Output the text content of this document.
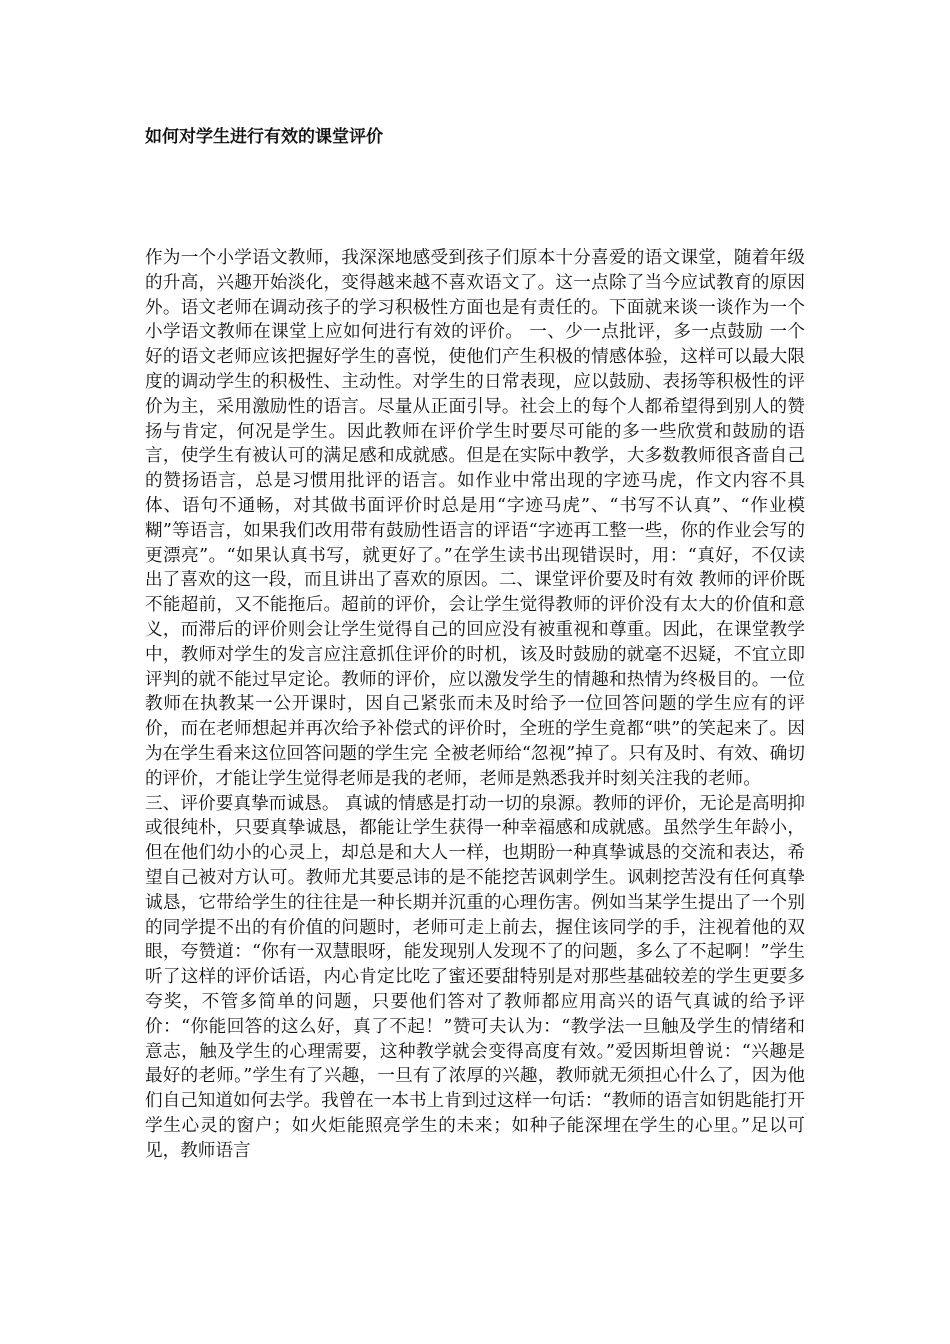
如何对学生进行有效的课堂评价

作为一个小学语文教师，我深深地感受到孩子们原本十分喜爱的语文课堂，随着年级的升高，兴趣开始淡化，变得越来越不喜欢语文了。这一点除了当今应试教育的原因外。语文老师在调动孩子的学习积极性方面也是有责任的。下面就来谈一谈作为一个小学语文教师在课堂上应如何进行有效的评价。 一、少一点批评，多一点鼓励 一个好的语文老师应该把握好学生的喜悦，使他们产生积极的情感体验，这样可以最大限度的调动学生的积极性、主动性。对学生的日常表现，应以鼓励、表扬等积极性的评价为主，采用激励性的语言。尽量从正面引导。社会上的每个人都希望得到别人的赞扬与肯定，何况是学生。因此教师在评价学生时要尽可能的多一些欣赏和鼓励的语言，使学生有被认可的满足感和成就感。但是在实际中教学，大多数教师很吝啬自己的赞扬语言，总是习惯用批评的语言。如作业中常出现的字迹马虎，作文内容不具体、语句不通畅，对其做书面评价时总是用“字迹马虎”、“书写不认真”、“作业模糊”等语言，如果我们改用带有鼓励性语言的评语“字迹再工整一些，你的作业会写的更漂亮”。“如果认真书写，就更好了。”在学生读书出现错误时，用：“真好，不仅读出了喜欢的这一段，而且讲出了喜欢的原因。二、课堂评价要及时有效 教师的评价既不能超前，又不能拖后。超前的评价，会让学生觉得教师的评价没有太大的价值和意义，而滞后的评价则会让学生觉得自己的回应没有被重视和尊重。因此，在课堂教学中，教师对学生的发言应注意抓住评价的时机，该及时鼓励的就毫不迟疑，不宜立即评判的就不能过早定论。教师的评价，应以激发学生的情趣和热情为终极目的。一位教师在执教某一公开课时，因自己紧张而未及时给予一位回答问题的学生应有的评价，而在老师想起并再次给予补偿式的评价时，全班的学生竟都“哄”的笑起来了。因为在学生看来这位回答问题的学生完 全被老师给“忽视”掉了。只有及时、有效、确切的评价，才能让学生觉得老师是我的老师，老师是熟悉我并时刻关注我的老师。

三、评价要真挚而诚恳。 真诚的情感是打动一切的泉源。教师的评价，无论是高明抑或很纯朴，只要真挚诚恳，都能让学生获得一种幸福感和成就感。虽然学生年龄小，但在他们幼小的心灵上，却总是和大人一样，也期盼一种真挚诚恳的交流和表达，希望自己被对方认可。教师尤其要忌讳的是不能挖苦讽刺学生。讽刺挖苦没有任何真挚诚恳，它带给学生的往往是一种长期并沉重的心理伤害。例如当某学生提出了一个别的同学提不出的有价值的问题时，老师可走上前去，握住该同学的手，注视着他的双眼，夸赞道：“你有一双慧眼呀，能发现别人发现不了的问题，多么了不起啊！”学生听了这样的评价话语，内心肯定比吃了蜜还要甜特别是对那些基础较差的学生更要多夸奖，不管多简单的问题，只要他们答对了教师都应用高兴的语气真诚的给予评价：“你能回答的这么好，真了不起！”赞可夫认为：“教学法一旦触及学生的情绪和意志，触及学生的心理需要，这种教学就会变得高度有效。”爱因斯坦曾说：“兴趣是最好的老师。”学生有了兴趣，一旦有了浓厚的兴趣，教师就无须担心什么了，因为他们自己知道如何去学。我曾在一本书上肯到过这样一句话：“教师的语言如钥匙能打开学生心灵的窗户；如火炬能照亮学生的未来；如种子能深埋在学生的心里。”足以可见，教师语言
